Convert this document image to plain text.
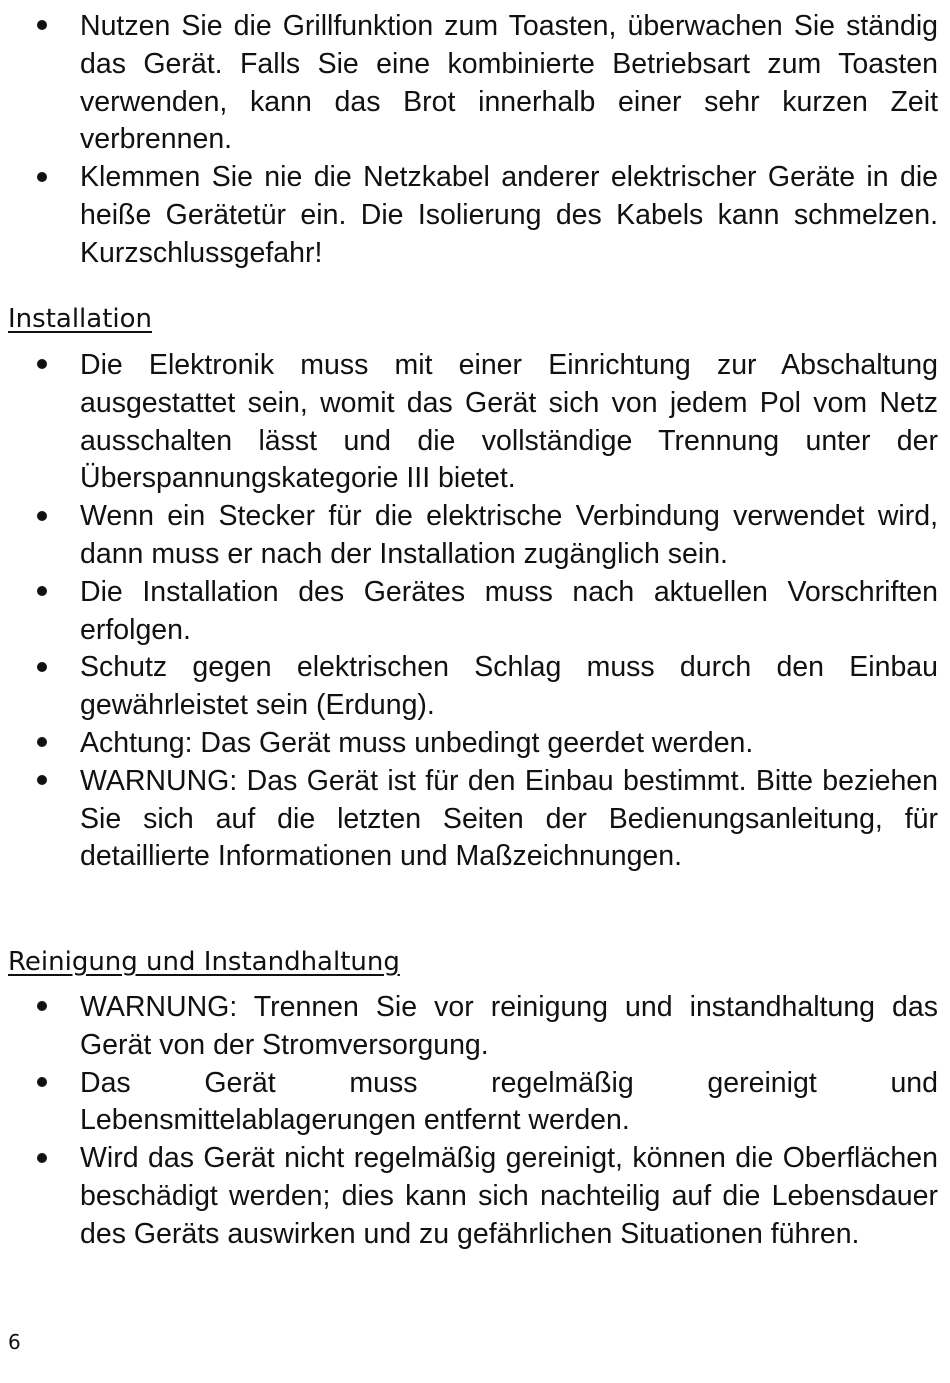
Nutzen Sie die Grillfunktion zum Toasten, überwachen Sie ständig das Gerät. Falls Sie eine kombinierte Betriebsart zum Toasten verwenden, kann das Brot innerhalb einer sehr kurzen Zeit verbrennen.
Klemmen Sie nie die Netzkabel anderer elektrischer Geräte in die heiße Gerätetür ein. Die Isolierung des Kabels kann schmelzen. Kurzschlussgefahr!
Installation
Die Elektronik muss mit einer Einrichtung zur Abschaltung ausgestattet sein, womit das Gerät sich von jedem Pol vom Netz ausschalten lässt und die vollständige Trennung unter der Überspannungskategorie III bietet.
Wenn ein Stecker für die elektrische Verbindung verwendet wird, dann muss er nach der Installation zugänglich sein.
Die Installation des Gerätes muss nach aktuellen Vorschriften erfolgen.
Schutz gegen elektrischen Schlag muss durch den Einbau gewährleistet sein (Erdung).
Achtung: Das Gerät muss unbedingt geerdet werden.
WARNUNG: Das Gerät ist für den Einbau bestimmt. Bitte beziehen Sie sich auf die letzten Seiten der Bedienungsanleitung, für detaillierte Informationen und Maßzeichnungen.
Reinigung und Instandhaltung
WARNUNG: Trennen Sie vor reinigung und instandhaltung das Gerät von der Stromversorgung.
Das Gerät muss regelmäßig gereinigt und Lebensmittelablagerungen entfernt werden.
Wird das Gerät nicht regelmäßig gereinigt, können die Oberflächen beschädigt werden; dies kann sich nachteilig auf die Lebensdauer des Geräts auswirken und zu gefährlichen Situationen führen.
6
